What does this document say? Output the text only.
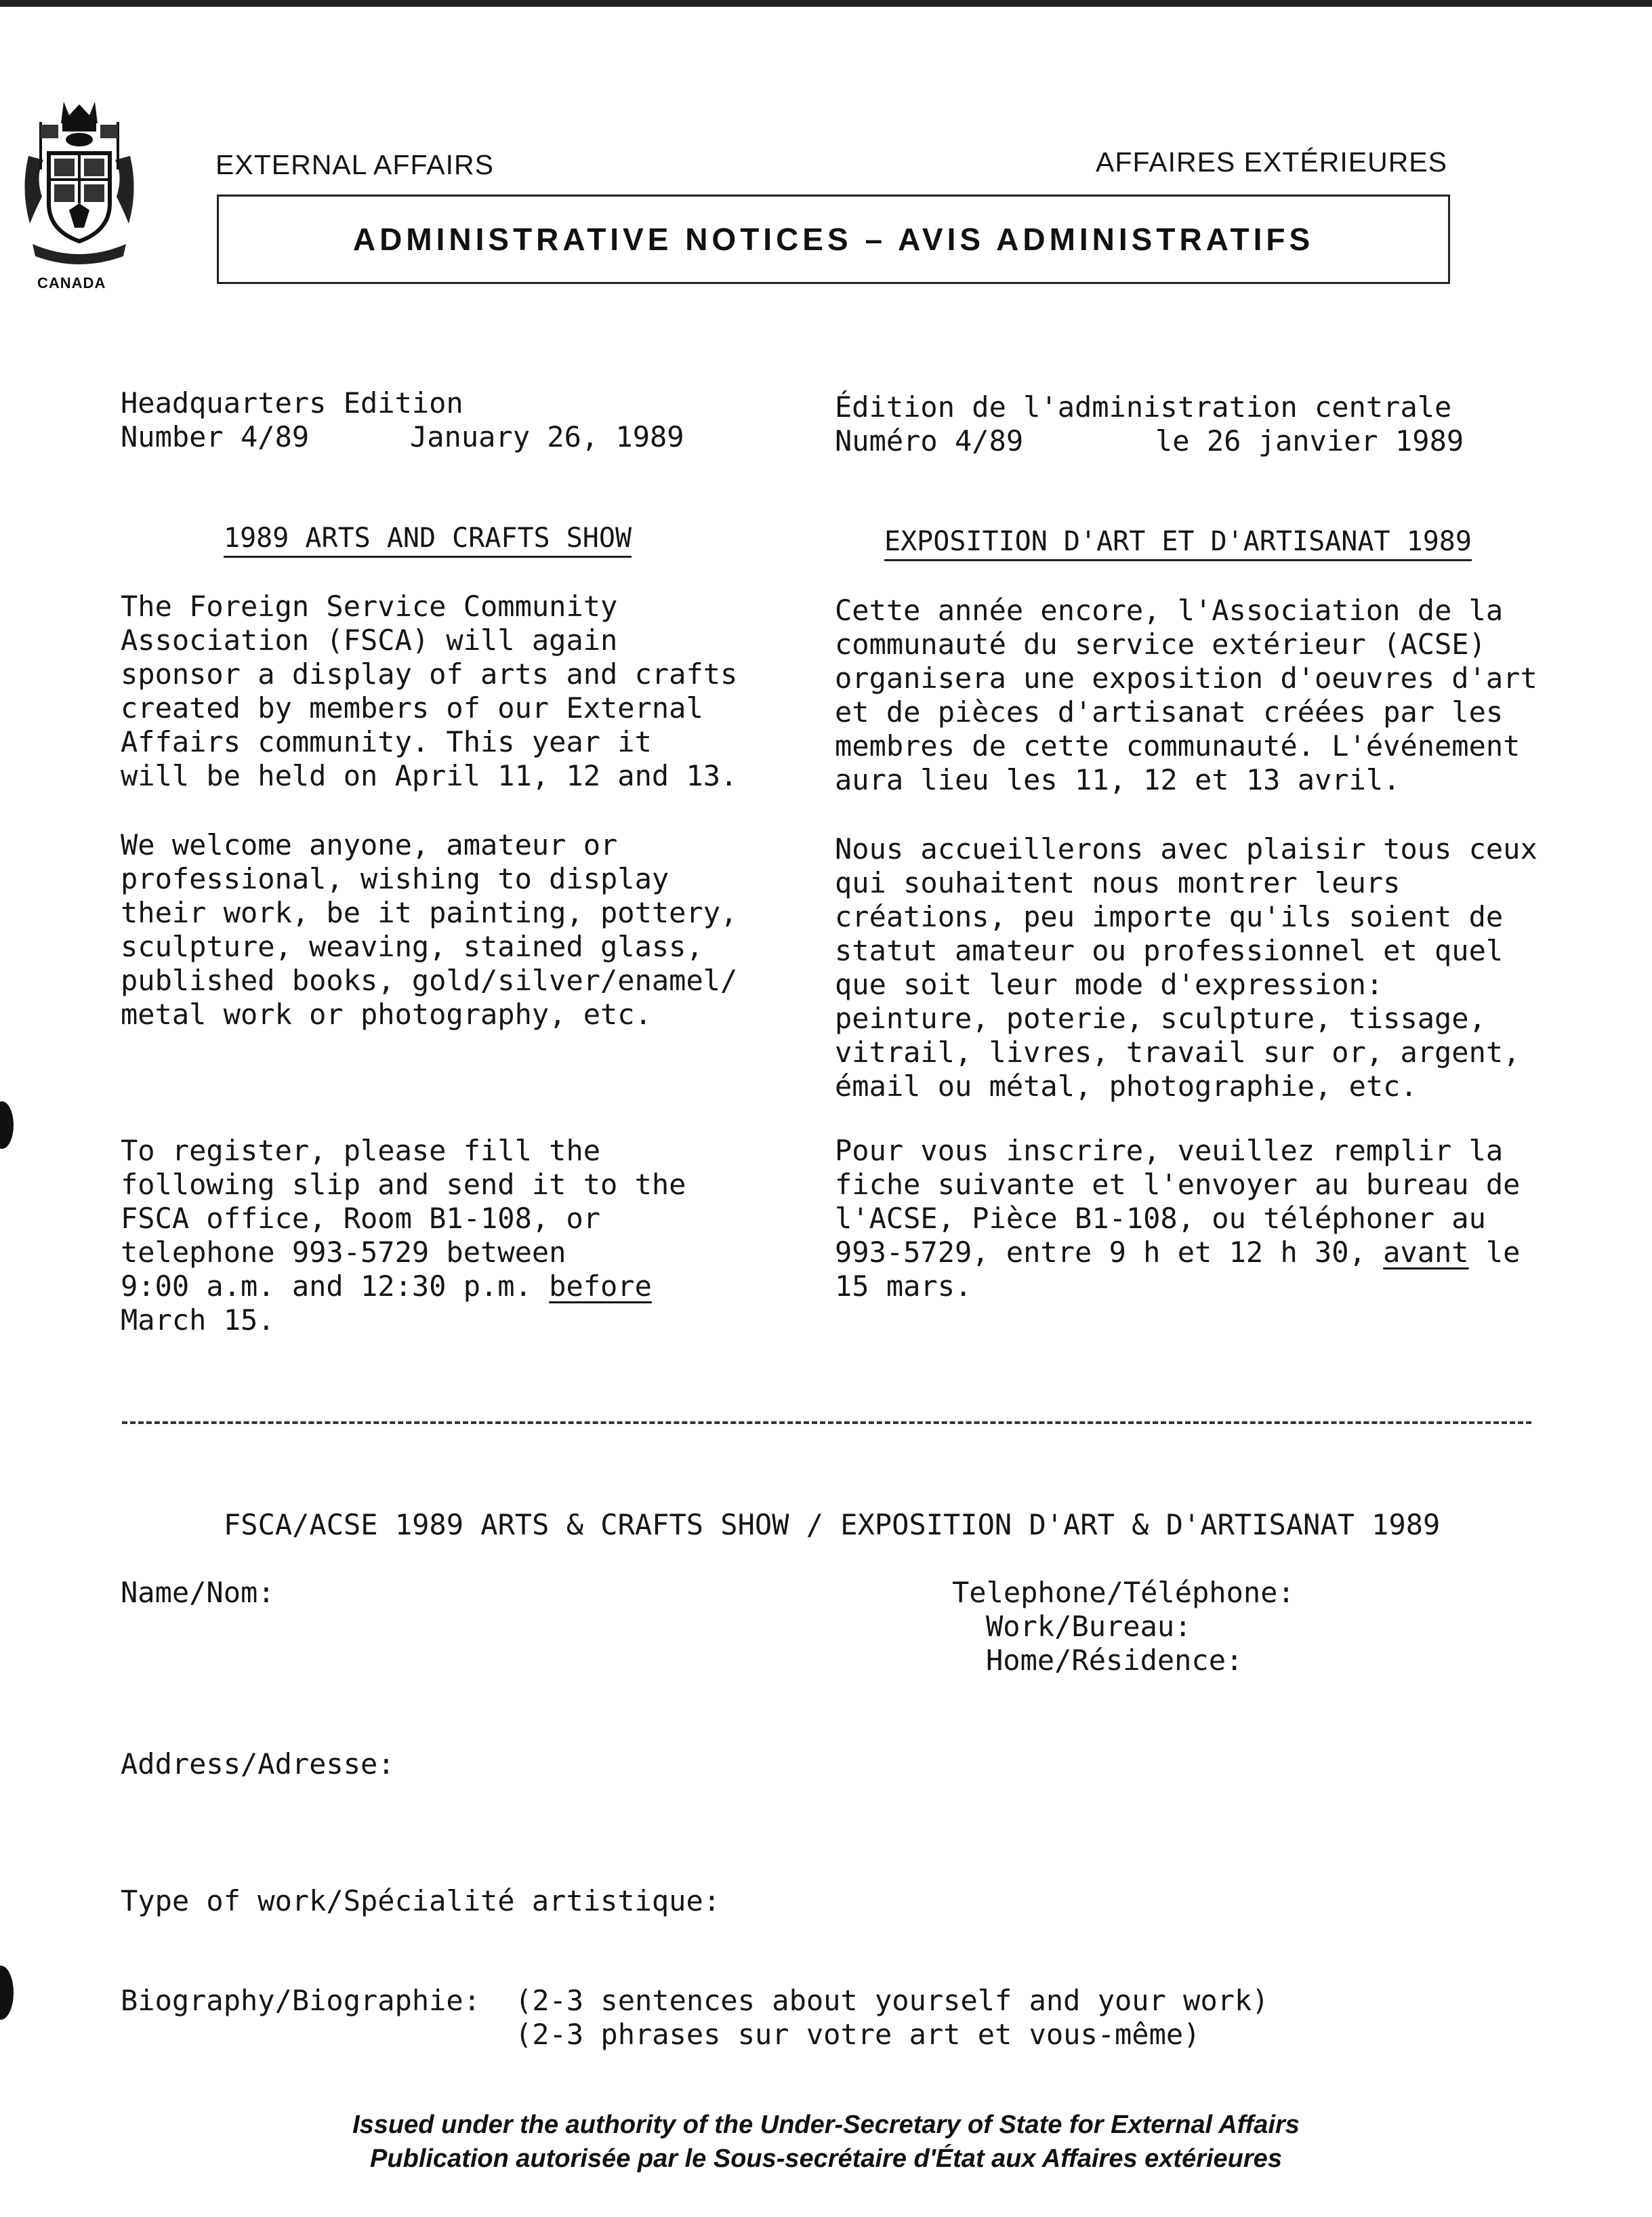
CANADA
EXTERNAL AFFAIRS	AFFAIRES EXTÉRIEURES
ADMINISTRATIVE NOTICES – AVIS ADMINISTRATIFS
Headquarters Edition
Number 4/89	January 26, 1989
Édition de l'administration centrale
Numéro 4/89	le 26 janvier 1989
1989 ARTS AND CRAFTS SHOW
The Foreign Service Community
Association (FSCA) will again
sponsor a display of arts and crafts
created by members of our External
Affairs community. This year it
will be held on April 11, 12 and 13.
We welcome anyone, amateur or
professional, wishing to display
their work, be it painting, pottery,
sculpture, weaving, stained glass,
published books, gold/silver/enamel/
metal work or photography, etc.
To register, please fill the
following slip and send it to the
FSCA office, Room B1-108, or
telephone 993-5729 between
9:00 a.m. and 12:30 p.m. before
March 15.
EXPOSITION D'ART ET D'ARTISANAT 1989
Cette année encore, l'Association de la
communauté du service extérieur (ACSE)
organisera une exposition d'oeuvres d'art
et de pièces d'artisanat créées par les
membres de cette communauté. L'événement
aura lieu les 11, 12 et 13 avril.
Nous accueillerons avec plaisir tous ceux
qui souhaitent nous montrer leurs
créations, peu importe qu'ils soient de
statut amateur ou professionnel et quel
que soit leur mode d'expression:
peinture, poterie, sculpture, tissage,
vitrail, livres, travail sur or, argent,
émail ou métal, photographie, etc.
Pour vous inscrire, veuillez remplir la
fiche suivante et l'envoyer au bureau de
l'ACSE, Pièce B1-108, ou téléphoner au
993-5729, entre 9 h et 12 h 30, avant le
15 mars.
FSCA/ACSE 1989 ARTS & CRAFTS SHOW / EXPOSITION D'ART & D'ARTISANAT 1989
Name/Nom:	Telephone/Téléphone:
Work/Bureau:
Home/Résidence:
Address/Adresse:
Type of work/Spécialité artistique:
Biography/Biographie: (2-3 sentences about yourself and your work)
(2-3 phrases sur votre art et vous-même)
Issued under the authority of the Under-Secretary of State for External Affairs
Publication autorisée par le Sous-secrétaire d'État aux Affaires extérieures
